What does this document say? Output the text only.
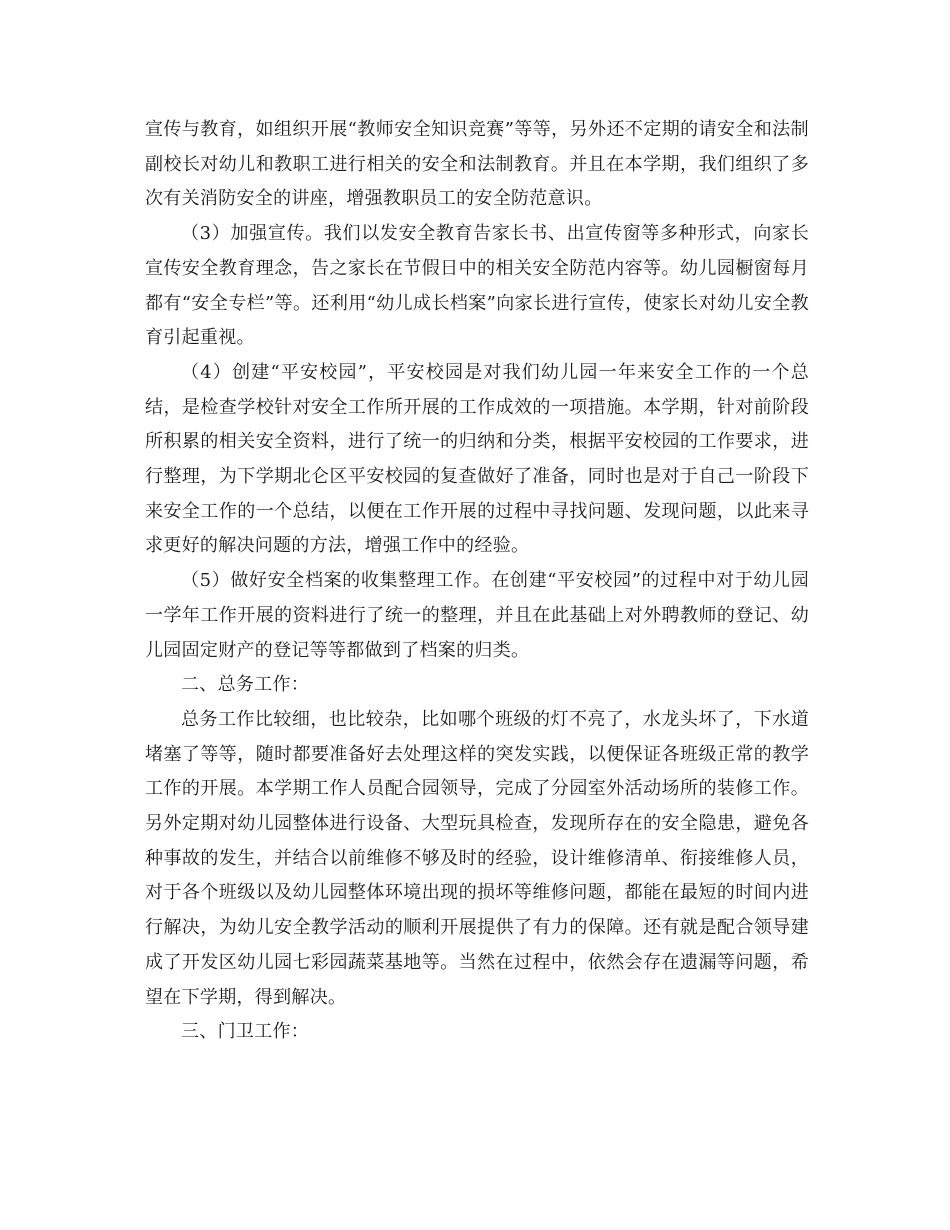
宣传与教育，如组织开展“教师安全知识竞赛”等等，另外还不定期的请安全和法制副校长对幼儿和教职工进行相关的安全和法制教育。并且在本学期，我们组织了多次有关消防安全的讲座，增强教职员工的安全防范意识。

（3）加强宣传。我们以发安全教育告家长书、出宣传窗等多种形式，向家长宣传安全教育理念，告之家长在节假日中的相关安全防范内容等。幼儿园橱窗每月都有“安全专栏”等。还利用“幼儿成长档案”向家长进行宣传，使家长对幼儿安全教育引起重视。

（4）创建“平安校园”，平安校园是对我们幼儿园一年来安全工作的一个总结，是检查学校针对安全工作所开展的工作成效的一项措施。本学期，针对前阶段所积累的相关安全资料，进行了统一的归纳和分类，根据平安校园的工作要求，进行整理，为下学期北仑区平安校园的复查做好了准备，同时也是对于自己一阶段下来安全工作的一个总结，以便在工作开展的过程中寻找问题、发现问题，以此来寻求更好的解决问题的方法，增强工作中的经验。

（5）做好安全档案的收集整理工作。在创建“平安校园”的过程中对于幼儿园一学年工作开展的资料进行了统一的整理，并且在此基础上对外聘教师的登记、幼儿园固定财产的登记等等都做到了档案的归类。

二、总务工作：

总务工作比较细，也比较杂，比如哪个班级的灯不亮了，水龙头坏了，下水道堵塞了等等，随时都要准备好去处理这样的突发实践，以便保证各班级正常的教学工作的开展。本学期工作人员配合园领导，完成了分园室外活动场所的装修工作。另外定期对幼儿园整体进行设备、大型玩具检查，发现所存在的安全隐患，避免各种事故的发生，并结合以前维修不够及时的经验，设计维修清单、衔接维修人员，对于各个班级以及幼儿园整体环境出现的损坏等维修问题，都能在最短的时间内进行解决，为幼儿安全教学活动的顺利开展提供了有力的保障。还有就是配合领导建成了开发区幼儿园七彩园蔬菜基地等。当然在过程中，依然会存在遗漏等问题，希望在下学期，得到解决。

三、门卫工作：
